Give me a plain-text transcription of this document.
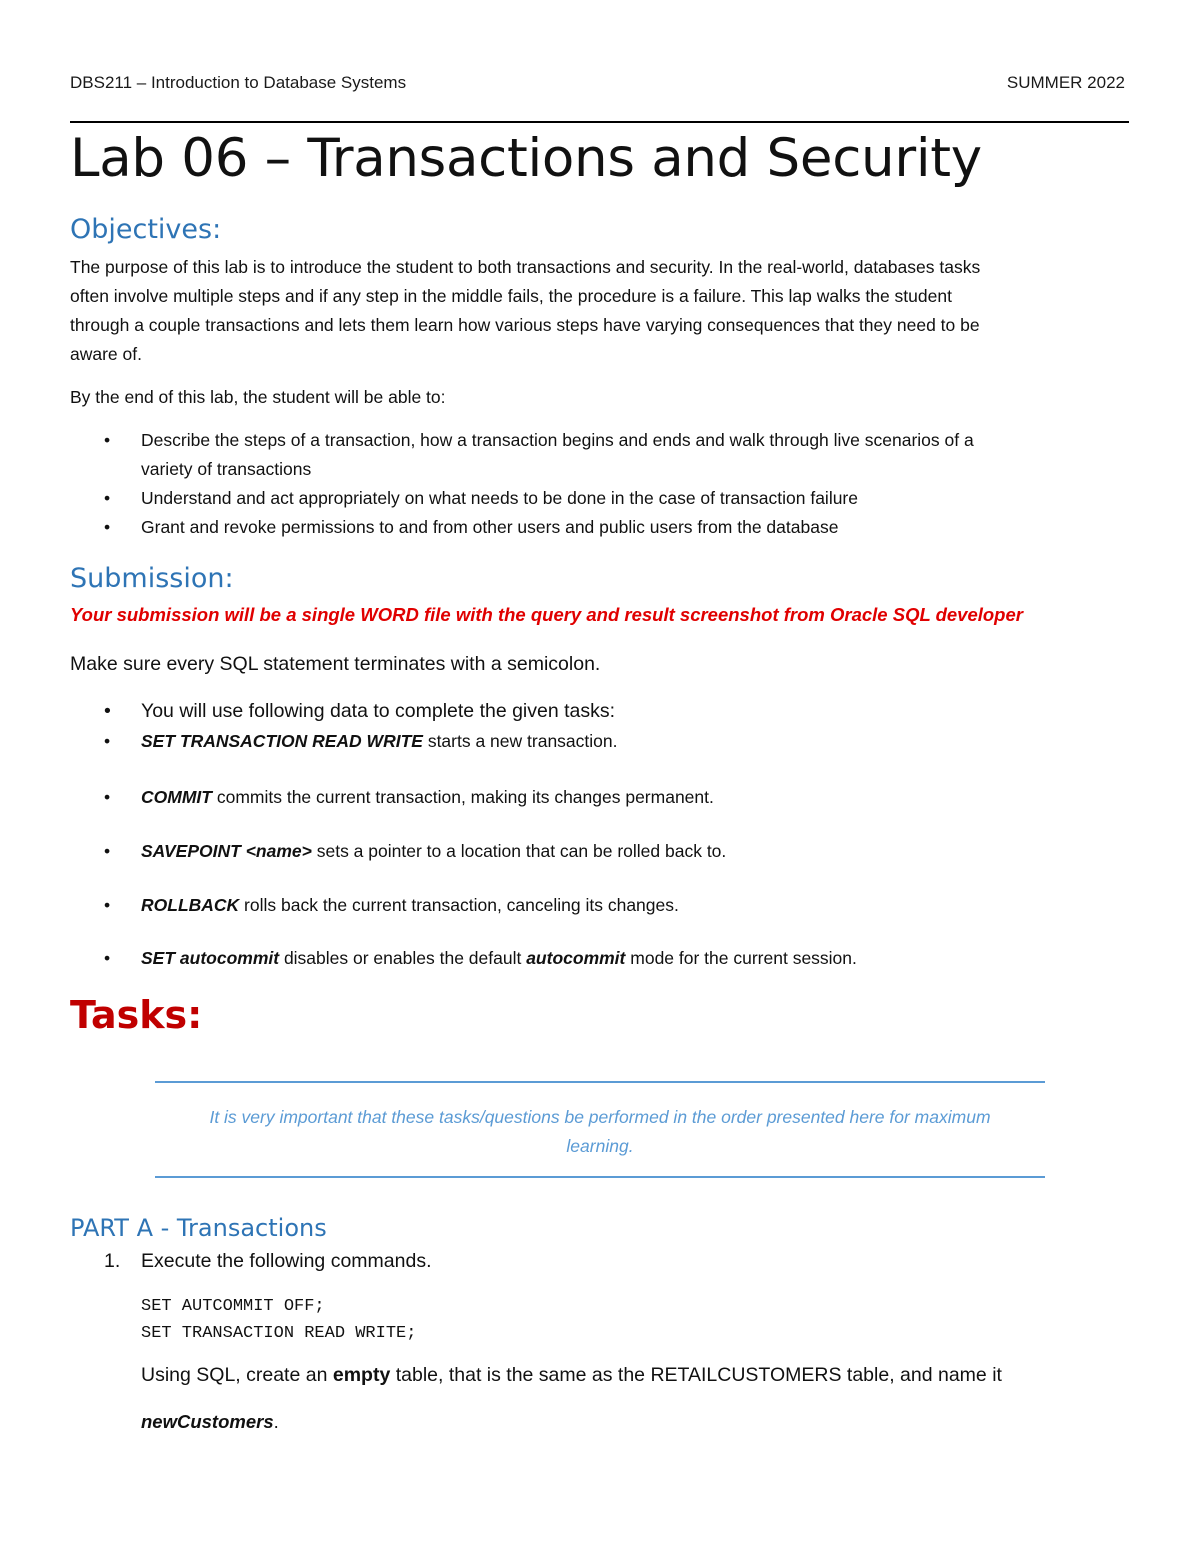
DBS211 – Introduction to Database Systems	SUMMER 2022
Lab 06 – Transactions and Security
Objectives:
The purpose of this lab is to introduce the student to both transactions and security. In the real-world, databases tasks
often involve multiple steps and if any step in the middle fails, the procedure is a failure. This lap walks the student
through a couple transactions and lets them learn how various steps have varying consequences that they need to be
aware of.
By the end of this lab, the student will be able to:
•	Describe the steps of a transaction, how a transaction begins and ends and walk through live scenarios of a
variety of transactions
•	Understand and act appropriately on what needs to be done in the case of transaction failure
•	Grant and revoke permissions to and from other users and public users from the database
Submission:
Your submission will be a single WORD file with the query and result screenshot from Oracle SQL developer
Make sure every SQL statement terminates with a semicolon.
•	You will use following data to complete the given tasks:
•	SET TRANSACTION READ WRITE starts a new transaction.
•	COMMIT commits the current transaction, making its changes permanent.
•	SAVEPOINT <name> sets a pointer to a location that can be rolled back to.
•	ROLLBACK rolls back the current transaction, canceling its changes.
•	SET autocommit disables or enables the default autocommit mode for the current session.
Tasks:
It is very important that these tasks/questions be performed in the order presented here for maximum
learning.
PART A - Transactions
1. Execute the following commands.
SET AUTCOMMIT OFF;
SET TRANSACTION READ WRITE;
Using SQL, create an empty table, that is the same as the RETAILCUSTOMERS table, and name it
newCustomers.
